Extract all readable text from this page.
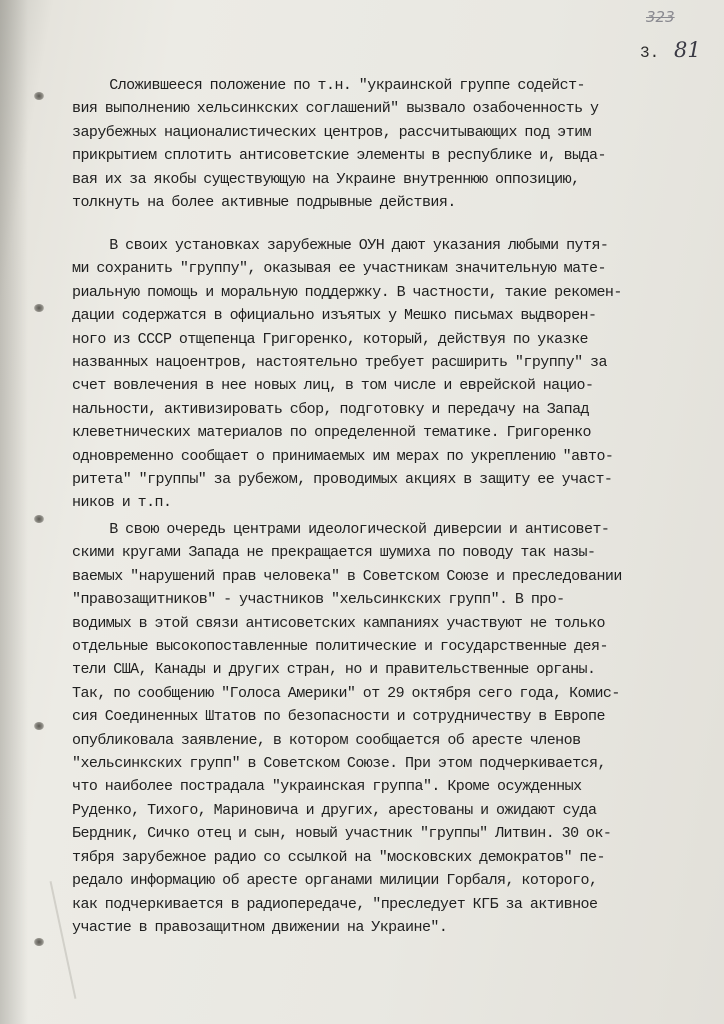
323
3. 81
Сложившееся положение по т.н. "украинской группе содейст-
вия выполнению хельсинкских соглашений" вызвало озабоченность у
зарубежных националистических центров, рассчитывающих под этим
прикрытием сплотить антисоветские элементы в республике и, выда-
вая их за якобы существующую на Украине внутреннюю оппозицию,
толкнуть на более активные подрывные действия.
В своих установках зарубежные ОУН дают указания любыми путя-
ми сохранить "группу", оказывая ее участникам значительную мате-
риальную помощь и моральную поддержку. В частности, такие рекомен-
дации содержатся в официально изъятых у Мешко письмах выдворен-
ного из СССР отщепенца Григоренко, который, действуя по указке
названных нацоентров, настоятельно требует расширить "группу" за
счет вовлечения в нее новых лиц, в том числе и еврейской нацио-
нальности, активизировать сбор, подготовку и передачу на Запад
клеветнических материалов по определенной тематике. Григоренко
одновременно сообщает о принимаемых им мерах по укреплению "авто-
ритета" "группы" за рубежом, проводимых акциях в защиту ее участ-
ников и т.п.
В свою очередь центрами идеологической диверсии и антисовет-
скими кругами Запада не прекращается шумиха по поводу так назы-
ваемых "нарушений прав человека" в Советском Союзе и преследовании
"правозащитников" - участников "хельсинкских групп". В про-
водимых в этой связи антисоветских кампаниях участвуют не только
отдельные высокопоставленные политические и государственные дея-
тели США, Канады и других стран, но и правительственные органы.
Так, по сообщению "Голоса Америки" от 29 октября сего года, Комис-
сия Соединенных Штатов по безопасности и сотрудничеству в Европе
опубликовала заявление, в котором сообщается об аресте членов
"хельсинкских групп" в Советском Союзе. При этом подчеркивается,
что наиболее пострадала "украинская группа". Кроме осужденных
Руденко, Тихого, Мариновича и других, арестованы и ожидают суда
Бердник, Сичко отец и сын, новый участник "группы" Литвин. 30 ок-
тября зарубежное радио со ссылкой на "московских демократов" пе-
редало информацию об аресте органами милиции Горбаля, которого,
как подчеркивается в радиопередаче, "преследует КГБ за активное
участие в правозащитном движении на Украине".
